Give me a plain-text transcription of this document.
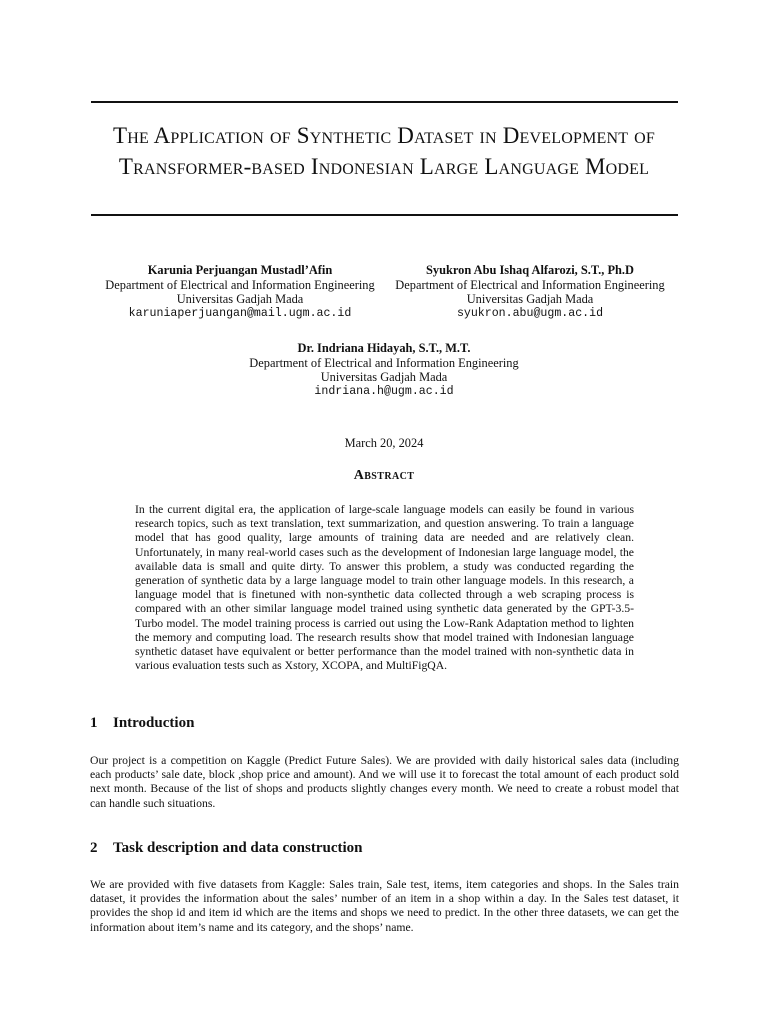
The Application of Synthetic Dataset in Development of Transformer-based Indonesian Large Language Model
Karunia Perjuangan Mustadl’Afin
Department of Electrical and Information Engineering
Universitas Gadjah Mada
karuniaperjuangan@mail.ugm.ac.id
Syukron Abu Ishaq Alfarozi, S.T., Ph.D
Department of Electrical and Information Engineering
Universitas Gadjah Mada
syukron.abu@ugm.ac.id
Dr. Indriana Hidayah, S.T., M.T.
Department of Electrical and Information Engineering
Universitas Gadjah Mada
indriana.h@ugm.ac.id
March 20, 2024
Abstract

In the current digital era, the application of large-scale language models can easily be found in various research topics, such as text translation, text summarization, and question answering. To train a language model that has good quality, large amounts of training data are needed and are relatively clean. Unfortunately, in many real-world cases such as the development of Indonesian large language model, the available data is small and quite dirty. To answer this problem, a study was conducted regarding the generation of synthetic data by a large language model to train other language models. In this research, a language model that is finetuned with non-synthetic data collected through a web scraping process is compared with an other similar language model trained using synthetic data generated by the GPT-3.5-Turbo model. The model training process is carried out using the Low-Rank Adaptation method to lighten the memory and computing load. The research results show that model trained with Indonesian language synthetic dataset have equivalent or better performance than the model trained with non-synthetic data in various evaluation tests such as Xstory, XCOPA, and MultiFigQA.

1 Introduction

Our project is a competition on Kaggle (Predict Future Sales). We are provided with daily historical sales data (including each products’ sale date, block ,shop price and amount). And we will use it to forecast the total amount of each product sold next month. Because of the list of shops and products slightly changes every month. We need to create a robust model that can handle such situations.

2 Task description and data construction

We are provided with five datasets from Kaggle: Sales train, Sale test, items, item categories and shops. In the Sales train dataset, it provides the information about the sales’ number of an item in a shop within a day. In the Sales test dataset, it provides the shop id and item id which are the items and shops we need to predict. In the other three datasets, we can get the information about item’s name and its category, and the shops’ name.
